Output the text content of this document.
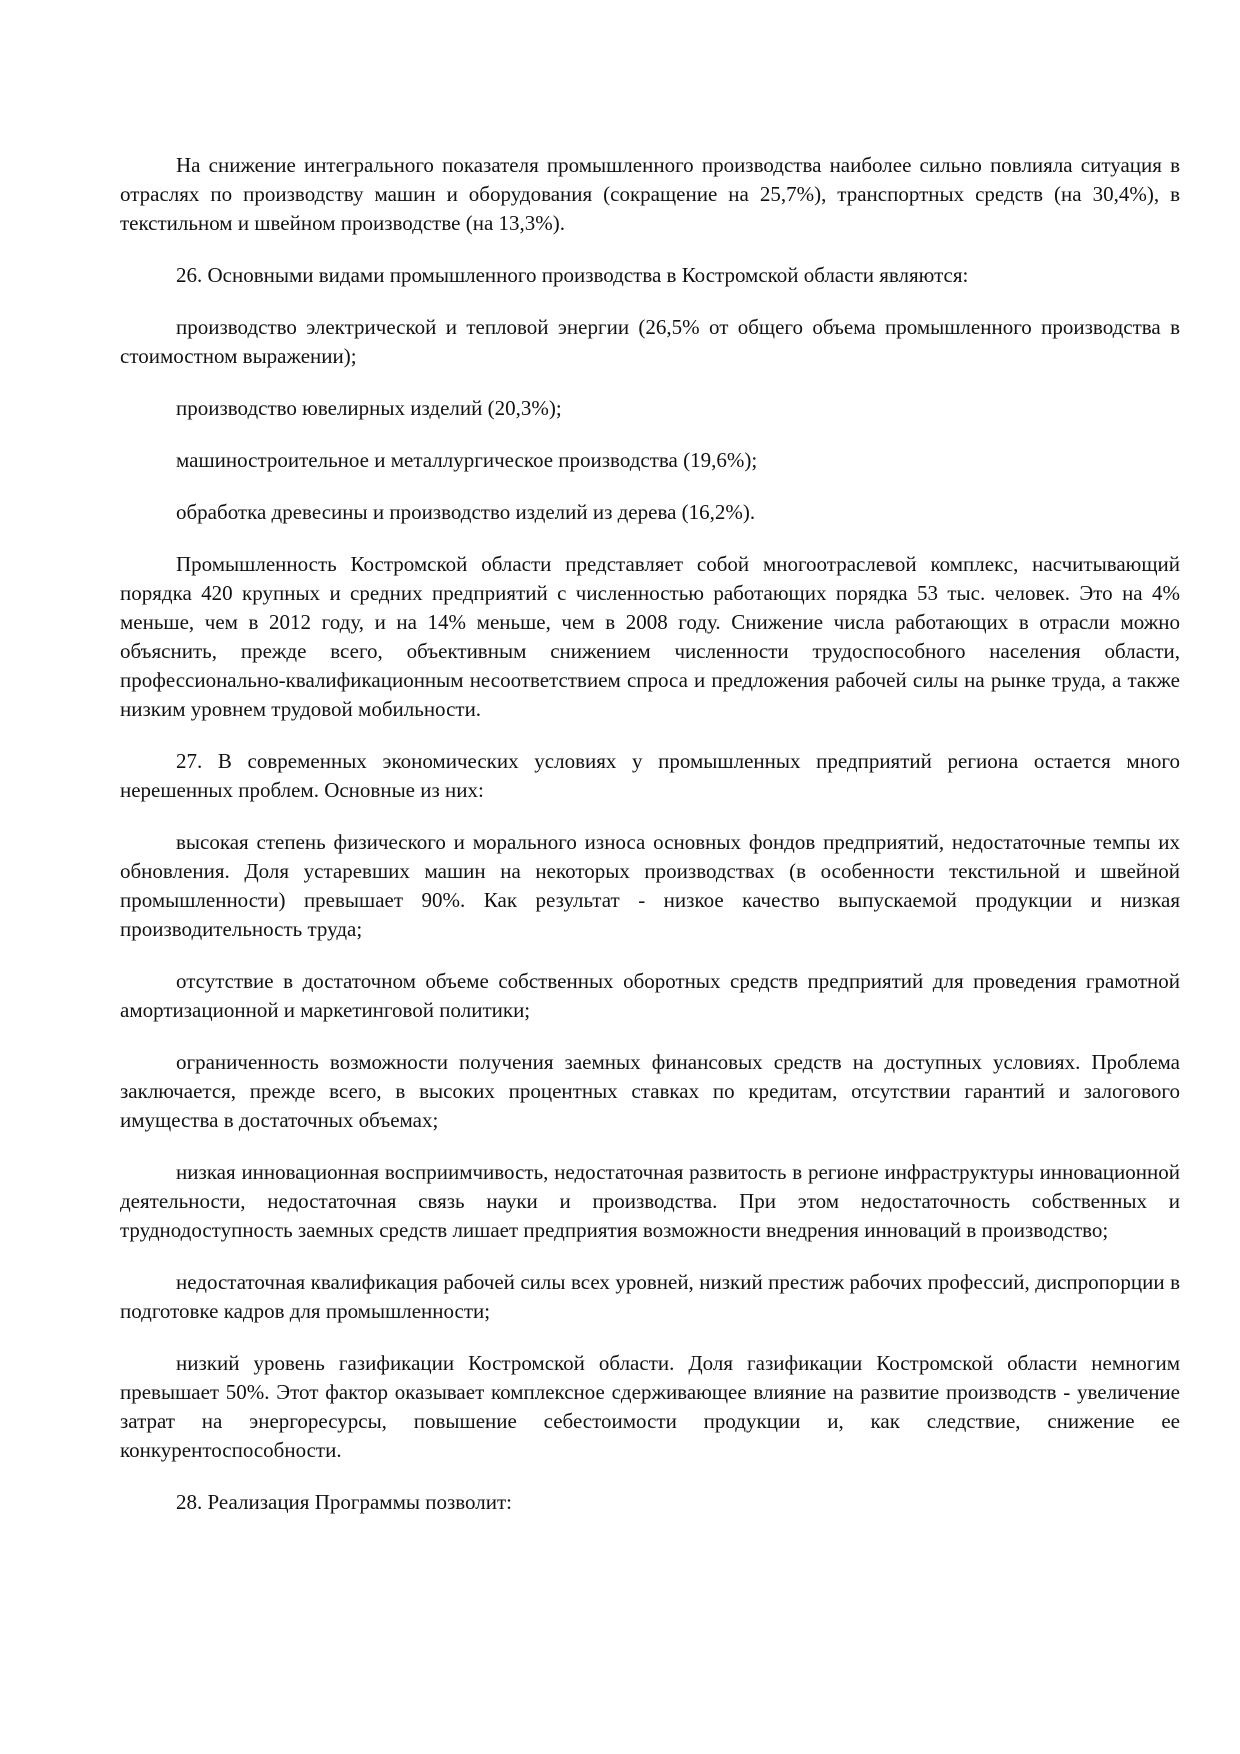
На снижение интегрального показателя промышленного производства наиболее сильно повлияла ситуация в отраслях по производству машин и оборудования (сокращение на 25,7%), транспортных средств (на 30,4%), в текстильном и швейном производстве (на 13,3%).

26. Основными видами промышленного производства в Костромской области являются:

производство электрической и тепловой энергии (26,5% от общего объема промышленного производства в стоимостном выражении);

производство ювелирных изделий (20,3%);

машиностроительное и металлургическое производства (19,6%);

обработка древесины и производство изделий из дерева (16,2%).

Промышленность Костромской области представляет собой многоотраслевой комплекс, насчитывающий порядка 420 крупных и средних предприятий с численностью работающих порядка 53 тыс. человек. Это на 4% меньше, чем в 2012 году, и на 14% меньше, чем в 2008 году. Снижение числа работающих в отрасли можно объяснить, прежде всего, объективным снижением численности трудоспособного населения области, профессионально-квалификационным несоответствием спроса и предложения рабочей силы на рынке труда, а также низким уровнем трудовой мобильности.

27. В современных экономических условиях у промышленных предприятий региона остается много нерешенных проблем. Основные из них:

высокая степень физического и морального износа основных фондов предприятий, недостаточные темпы их обновления. Доля устаревших машин на некоторых производствах (в особенности текстильной и швейной промышленности) превышает 90%. Как результат - низкое качество выпускаемой продукции и низкая производительность труда;

отсутствие в достаточном объеме собственных оборотных средств предприятий для проведения грамотной амортизационной и маркетинговой политики;

ограниченность возможности получения заемных финансовых средств на доступных условиях. Проблема заключается, прежде всего, в высоких процентных ставках по кредитам, отсутствии гарантий и залогового имущества в достаточных объемах;

низкая инновационная восприимчивость, недостаточная развитость в регионе инфраструктуры инновационной деятельности, недостаточная связь науки и производства. При этом недостаточность собственных и труднодоступность заемных средств лишает предприятия возможности внедрения инноваций в производство;

недостаточная квалификация рабочей силы всех уровней, низкий престиж рабочих профессий, диспропорции в подготовке кадров для промышленности;

низкий уровень газификации Костромской области. Доля газификации Костромской области немногим превышает 50%. Этот фактор оказывает комплексное сдерживающее влияние на развитие производств - увеличение затрат на энергоресурсы, повышение себестоимости продукции и, как следствие, снижение ее конкурентоспособности.

28. Реализация Программы позволит:
